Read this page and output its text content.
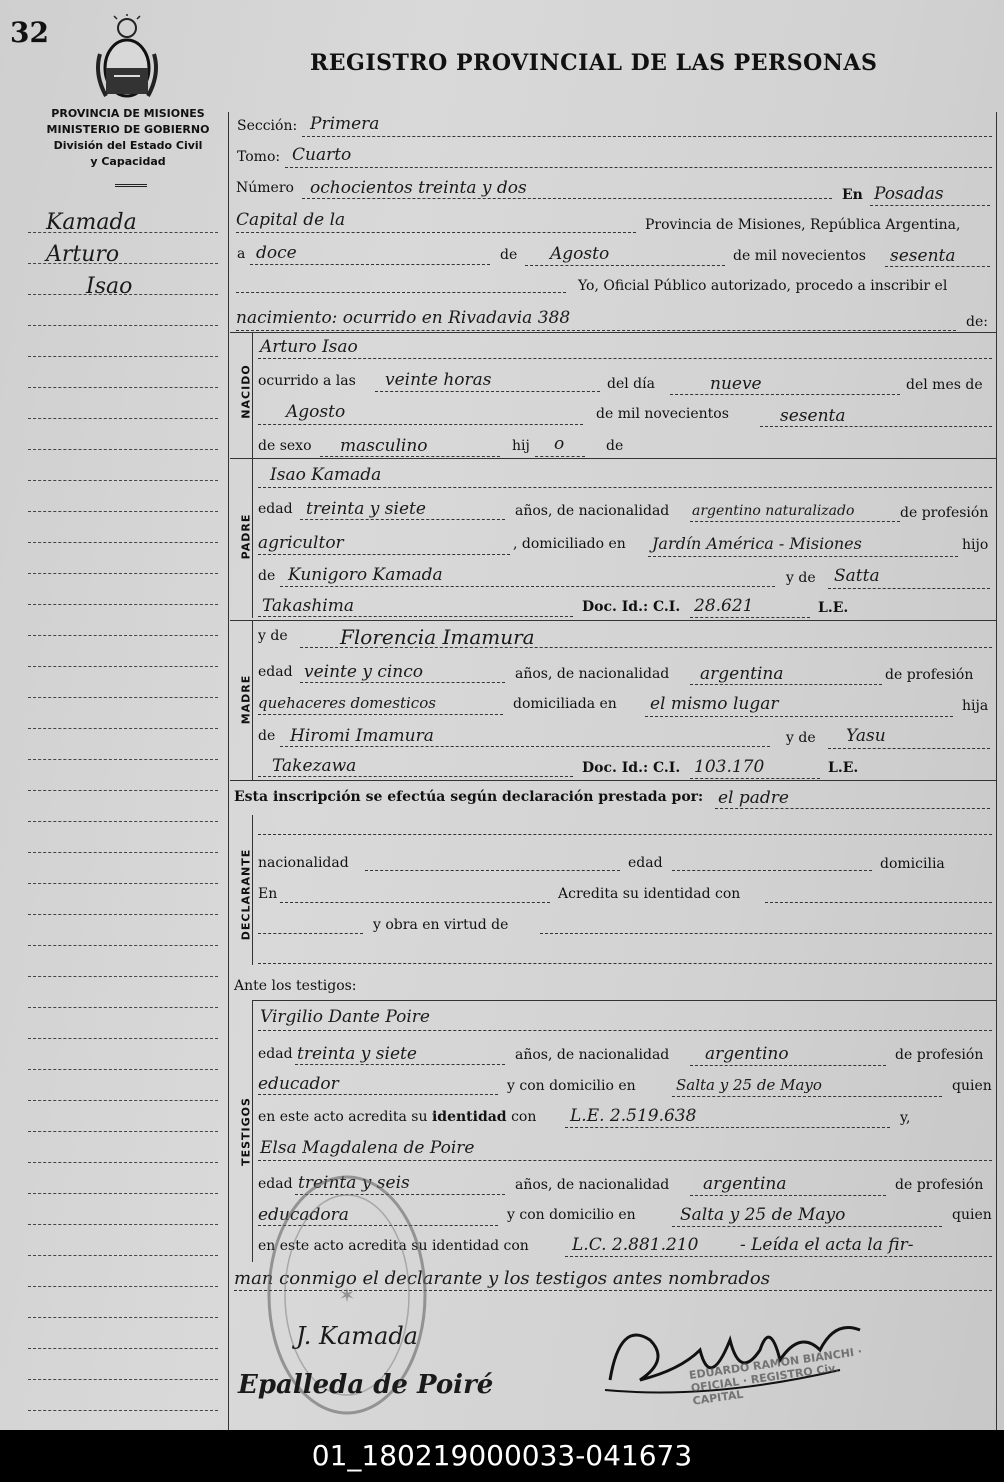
32
REGISTRO PROVINCIAL DE LAS PERSONAS
PROVINCIA DE MISIONES
MINISTERIO DE GOBIERNO
División del Estado Civil
y Capacidad
Kamada
Arturo
Isao
NACIDO
PADRE
MADRE
DECLARANTE
TESTIGOS
Sección: Primera
Tomo: Cuarto
Número ochocientos treinta y dos	En Posadas
Capital de la	Provincia de Misiones, República Argentina,
a doce	de Agosto	de mil novecientos sesenta
Yo, Oficial Público autorizado, procedo a inscribir el
nacimiento: ocurrido en Rivadavia 388	de:
Arturo Isao
ocurrido a las veinte horas	del día	nueve	del mes de
Agosto	de mil novecientos	sesenta
de sexo masculino	hij o	de
Isao Kamada
edad treinta y siete	años, de nacionalidad argentino naturalizado	de profesión
agricultor	, domiciliado en Jardín América - Misiones	hijo
de Kunigoro Kamada	y de Satta
Takashima	Doc. Id.: C.I. 28.621	L.E.
y de	Florencia Imamura
edad veinte y cinco	años, de nacionalidad argentina	de profesión
quehaceres domesticos	domiciliada en el mismo lugar	hija
de Hiromi Imamura	y de Yasu
Takezawa	Doc. Id.: C.I. 103.170	L.E.
Esta inscripción se efectúa según declaración prestada por: el padre
nacionalidad	edad	domicilia
En	Acredita su identidad con
y obra en virtud de
Ante los testigos:
Virgilio Dante Poire
edad treinta y siete	años, de nacionalidad argentino	de profesión
educador	y con domicilio en	Salta y 25 de Mayo	quien
en este acto acredita su identidad con L.E. 2.519.638	y,
Elsa Magdalena de Poire
edad treinta y seis	años, de nacionalidad argentina	de profesión
educadora	y con domicilio en	Salta y 25 de Mayo	quien
en este acto acredita su identidad con	L.C. 2.881.210 - Leída el acta la fir-
man conmigo el declarante y los testigos antes nombrados
✶
J. Kamada
Epalleda de Poiré
EDUARDO RAMON BIANCHI · OFICIAL · REGISTRO Civ. CAPITAL
01_180219000033-041673
